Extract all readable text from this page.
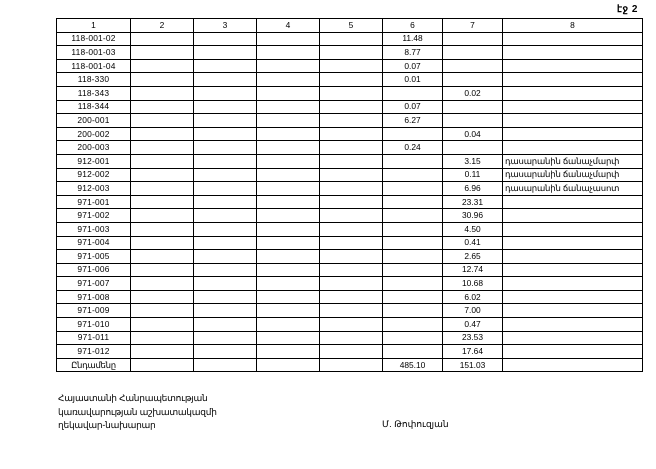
էջ 2
1	2	3	4	5	6	7	8
118-001-02					11.48		
118-001-03					8.77		
118-001-04					0.07		
118-330					0.01		
118-343						0.02	
118-344					0.07		
200-001					6.27		
200-002						0.04	
200-003					0.24		
912-001						3.15	դասարանին ճանաչմարփ
912-002						0.11	դասարանին ճանաչմարփ
912-003						6.96	դասարանին ճանաչասոտ
971-001						23.31	
971-002						30.96	
971-003						4.50	
971-004						0.41	
971-005						2.65	
971-006						12.74	
971-007						10.68	
971-008						6.02	
971-009						7.00	
971-010						0.47	
971-011						23.53	
971-012						17.64	
Ընդամենը					485.10	151.03	
Հայաստանի Հանրապետության
կառավարության աշխատակազմի
ղեկավար-նախարար	Մ. Թոփուզյան
